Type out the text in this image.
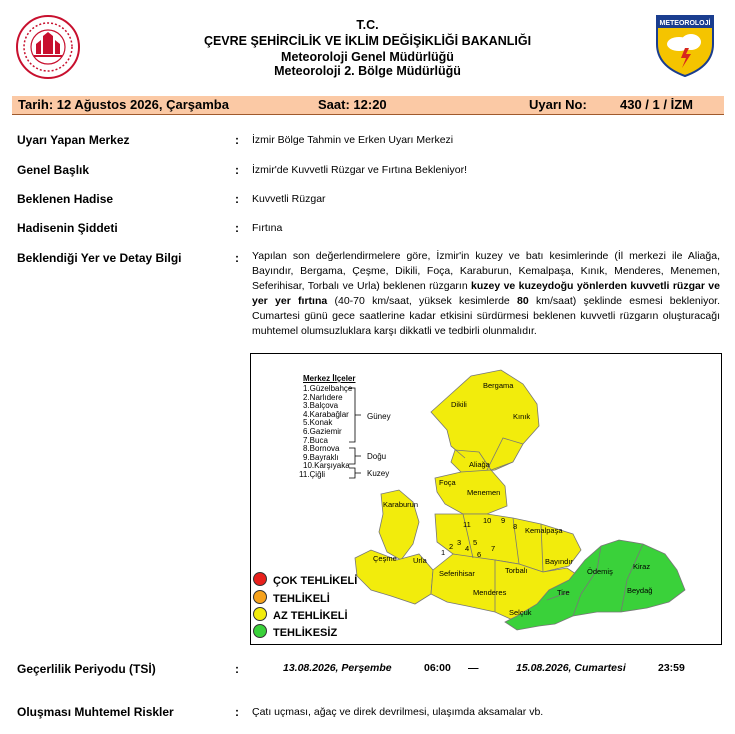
T.C.
ÇEVRE ŞEHİRCİLİK VE İKLİM DEĞİŞİKLİĞİ BAKANLIĞI
Meteoroloji Genel Müdürlüğü
Meteoroloji 2. Bölge Müdürlüğü
METEOROLOJİ
Tarih: 12 Ağustos 2026, Çarşamba	Saat: 12:20	Uyarı No:	430 / 1 / İZM
Uyarı Yapan Merkez	: İzmir Bölge Tahmin ve Erken Uyarı Merkezi
Genel Başlık	: İzmir'de Kuvvetli Rüzgar ve Fırtına Bekleniyor!
Beklenen Hadise	: Kuvvetli Rüzgar
Hadisenin Şiddeti	: Fırtına
Beklendiği Yer ve Detay Bilgi	: Yapılan son değerlendirmelere göre, İzmir'in kuzey ve batı kesimlerinde (İl merkezi ile Aliağa, Bayındır, Bergama, Çeşme, Dikili, Foça, Karaburun, Kemalpaşa, Kınık, Menderes, Menemen, Seferihisar, Torbalı ve Urla) beklenen rüzgarın kuzey ve kuzeydoğu yönlerden kuvvetli rüzgar ve yer yer fırtına (40-70 km/saat, yüksek kesimlerde 80 km/saat) şeklinde esmesi bekleniyor. Cumartesi günü gece saatlerine kadar etkisini sürdürmesi beklenen kuvvetli rüzgarın oluşturacağı muhtemel olumsuzluklara karşı dikkatli ve tedbirli olunmalıdır.
ÇOK TEHLİKELİ
TEHLİKELİ
AZ TEHLİKELİ
TEHLİKESİZ
Merkez İlçeler
1.Güzelbahçe
2.Narlıdere
3.Balçova
4.Karabağlar
5.Konak
6.Gaziemir
7.Buca
8.Bornova
9.Bayraklı
10.Karşıyaka
11.Çiğli
Güney
Doğu
Kuzey
Bergama
Dikili
Kınık
Aliağa
Foça
Menemen
Karaburun
Çeşme Urla
Seferihisar
Menderes
Torbalı
Bayındır
Kemalpaşa
Ödemiş
Kiraz
Beydağ
Tire
Selçuk
1
2 3
4
5
6
7
8
9
10
11
Geçerlilik Periyodu (TSİ)	:	13.08.2026, Perşembe	06:00 —	15.08.2026, Cumartesi	23:59
Oluşması Muhtemel Riskler	: Çatı uçması, ağaç ve direk devrilmesi, ulaşımda aksamalar vb.
